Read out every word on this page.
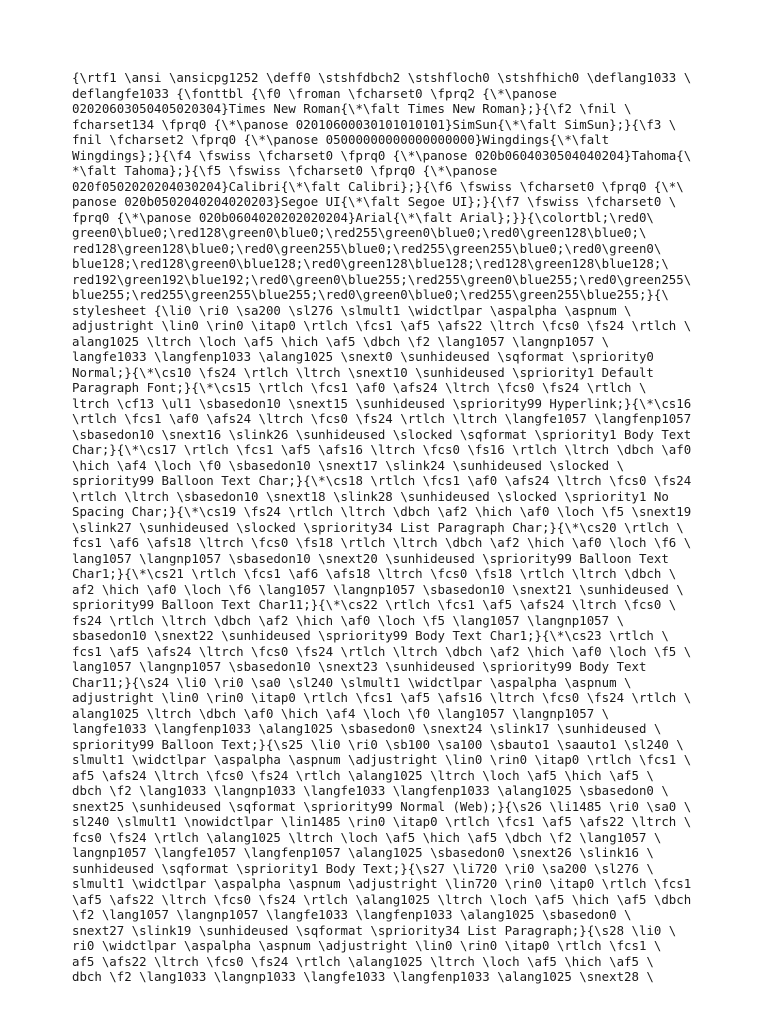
{\rtf1 \ansi \ansicpg1252 \deff0 \stshfdbch2 \stshfloch0 \stshfhich0 \deflang1033 \
deflangfe1033 {\fonttbl {\f0 \froman \fcharset0 \fprq2 {\*\panose
02020603050405020304}Times New Roman{\*\falt Times New Roman};}{\f2 \fnil \
fcharset134 \fprq0 {\*\panose 02010600030101010101}SimSun{\*\falt SimSun};}{\f3 \
fnil \fcharset2 \fprq0 {\*\panose 05000000000000000000}Wingdings{\*\falt
Wingdings};}{\f4 \fswiss \fcharset0 \fprq0 {\*\panose 020b0604030504040204}Tahoma{\
*\falt Tahoma};}{\f5 \fswiss \fcharset0 \fprq0 {\*\panose
020f0502020204030204}Calibri{\*\falt Calibri};}{\f6 \fswiss \fcharset0 \fprq0 {\*\
panose 020b0502040204020203}Segoe UI{\*\falt Segoe UI};}{\f7 \fswiss \fcharset0 \
fprq0 {\*\panose 020b0604020202020204}Arial{\*\falt Arial};}}{\colortbl;\red0\
green0\blue0;\red128\green0\blue0;\red255\green0\blue0;\red0\green128\blue0;\
red128\green128\blue0;\red0\green255\blue0;\red255\green255\blue0;\red0\green0\
blue128;\red128\green0\blue128;\red0\green128\blue128;\red128\green128\blue128;\
red192\green192\blue192;\red0\green0\blue255;\red255\green0\blue255;\red0\green255\
blue255;\red255\green255\blue255;\red0\green0\blue0;\red255\green255\blue255;}{\
stylesheet {\li0 \ri0 \sa200 \sl276 \slmult1 \widctlpar \aspalpha \aspnum \
adjustright \lin0 \rin0 \itap0 \rtlch \fcs1 \af5 \afs22 \ltrch \fcs0 \fs24 \rtlch \
alang1025 \ltrch \loch \af5 \hich \af5 \dbch \f2 \lang1057 \langnp1057 \
langfe1033 \langfenp1033 \alang1025 \snext0 \sunhideused \sqformat \spriority0
Normal;}{\*\cs10 \fs24 \rtlch \ltrch \snext10 \sunhideused \spriority1 Default
Paragraph Font;}{\*\cs15 \rtlch \fcs1 \af0 \afs24 \ltrch \fcs0 \fs24 \rtlch \
ltrch \cf13 \ul1 \sbasedon10 \snext15 \sunhideused \spriority99 Hyperlink;}{\*\cs16
\rtlch \fcs1 \af0 \afs24 \ltrch \fcs0 \fs24 \rtlch \ltrch \langfe1057 \langfenp1057
\sbasedon10 \snext16 \slink26 \sunhideused \slocked \sqformat \spriority1 Body Text
Char;}{\*\cs17 \rtlch \fcs1 \af5 \afs16 \ltrch \fcs0 \fs16 \rtlch \ltrch \dbch \af0
\hich \af4 \loch \f0 \sbasedon10 \snext17 \slink24 \sunhideused \slocked \
spriority99 Balloon Text Char;}{\*\cs18 \rtlch \fcs1 \af0 \afs24 \ltrch \fcs0 \fs24
\rtlch \ltrch \sbasedon10 \snext18 \slink28 \sunhideused \slocked \spriority1 No
Spacing Char;}{\*\cs19 \fs24 \rtlch \ltrch \dbch \af2 \hich \af0 \loch \f5 \snext19
\slink27 \sunhideused \slocked \spriority34 List Paragraph Char;}{\*\cs20 \rtlch \
fcs1 \af6 \afs18 \ltrch \fcs0 \fs18 \rtlch \ltrch \dbch \af2 \hich \af0 \loch \f6 \
lang1057 \langnp1057 \sbasedon10 \snext20 \sunhideused \spriority99 Balloon Text
Char1;}{\*\cs21 \rtlch \fcs1 \af6 \afs18 \ltrch \fcs0 \fs18 \rtlch \ltrch \dbch \
af2 \hich \af0 \loch \f6 \lang1057 \langnp1057 \sbasedon10 \snext21 \sunhideused \
spriority99 Balloon Text Char11;}{\*\cs22 \rtlch \fcs1 \af5 \afs24 \ltrch \fcs0 \
fs24 \rtlch \ltrch \dbch \af2 \hich \af0 \loch \f5 \lang1057 \langnp1057 \
sbasedon10 \snext22 \sunhideused \spriority99 Body Text Char1;}{\*\cs23 \rtlch \
fcs1 \af5 \afs24 \ltrch \fcs0 \fs24 \rtlch \ltrch \dbch \af2 \hich \af0 \loch \f5 \
lang1057 \langnp1057 \sbasedon10 \snext23 \sunhideused \spriority99 Body Text
Char11;}{\s24 \li0 \ri0 \sa0 \sl240 \slmult1 \widctlpar \aspalpha \aspnum \
adjustright \lin0 \rin0 \itap0 \rtlch \fcs1 \af5 \afs16 \ltrch \fcs0 \fs24 \rtlch \
alang1025 \ltrch \dbch \af0 \hich \af4 \loch \f0 \lang1057 \langnp1057 \
langfe1033 \langfenp1033 \alang1025 \sbasedon0 \snext24 \slink17 \sunhideused \
spriority99 Balloon Text;}{\s25 \li0 \ri0 \sb100 \sa100 \sbauto1 \saauto1 \sl240 \
slmult1 \widctlpar \aspalpha \aspnum \adjustright \lin0 \rin0 \itap0 \rtlch \fcs1 \
af5 \afs24 \ltrch \fcs0 \fs24 \rtlch \alang1025 \ltrch \loch \af5 \hich \af5 \
dbch \f2 \lang1033 \langnp1033 \langfe1033 \langfenp1033 \alang1025 \sbasedon0 \
snext25 \sunhideused \sqformat \spriority99 Normal (Web);}{\s26 \li1485 \ri0 \sa0 \
sl240 \slmult1 \nowidctlpar \lin1485 \rin0 \itap0 \rtlch \fcs1 \af5 \afs22 \ltrch \
fcs0 \fs24 \rtlch \alang1025 \ltrch \loch \af5 \hich \af5 \dbch \f2 \lang1057 \
langnp1057 \langfe1057 \langfenp1057 \alang1025 \sbasedon0 \snext26 \slink16 \
sunhideused \sqformat \spriority1 Body Text;}{\s27 \li720 \ri0 \sa200 \sl276 \
slmult1 \widctlpar \aspalpha \aspnum \adjustright \lin720 \rin0 \itap0 \rtlch \fcs1
\af5 \afs22 \ltrch \fcs0 \fs24 \rtlch \alang1025 \ltrch \loch \af5 \hich \af5 \dbch
\f2 \lang1057 \langnp1057 \langfe1033 \langfenp1033 \alang1025 \sbasedon0 \
snext27 \slink19 \sunhideused \sqformat \spriority34 List Paragraph;}{\s28 \li0 \
ri0 \widctlpar \aspalpha \aspnum \adjustright \lin0 \rin0 \itap0 \rtlch \fcs1 \
af5 \afs22 \ltrch \fcs0 \fs24 \rtlch \alang1025 \ltrch \loch \af5 \hich \af5 \
dbch \f2 \lang1033 \langnp1033 \langfe1033 \langfenp1033 \alang1025 \snext28 \
